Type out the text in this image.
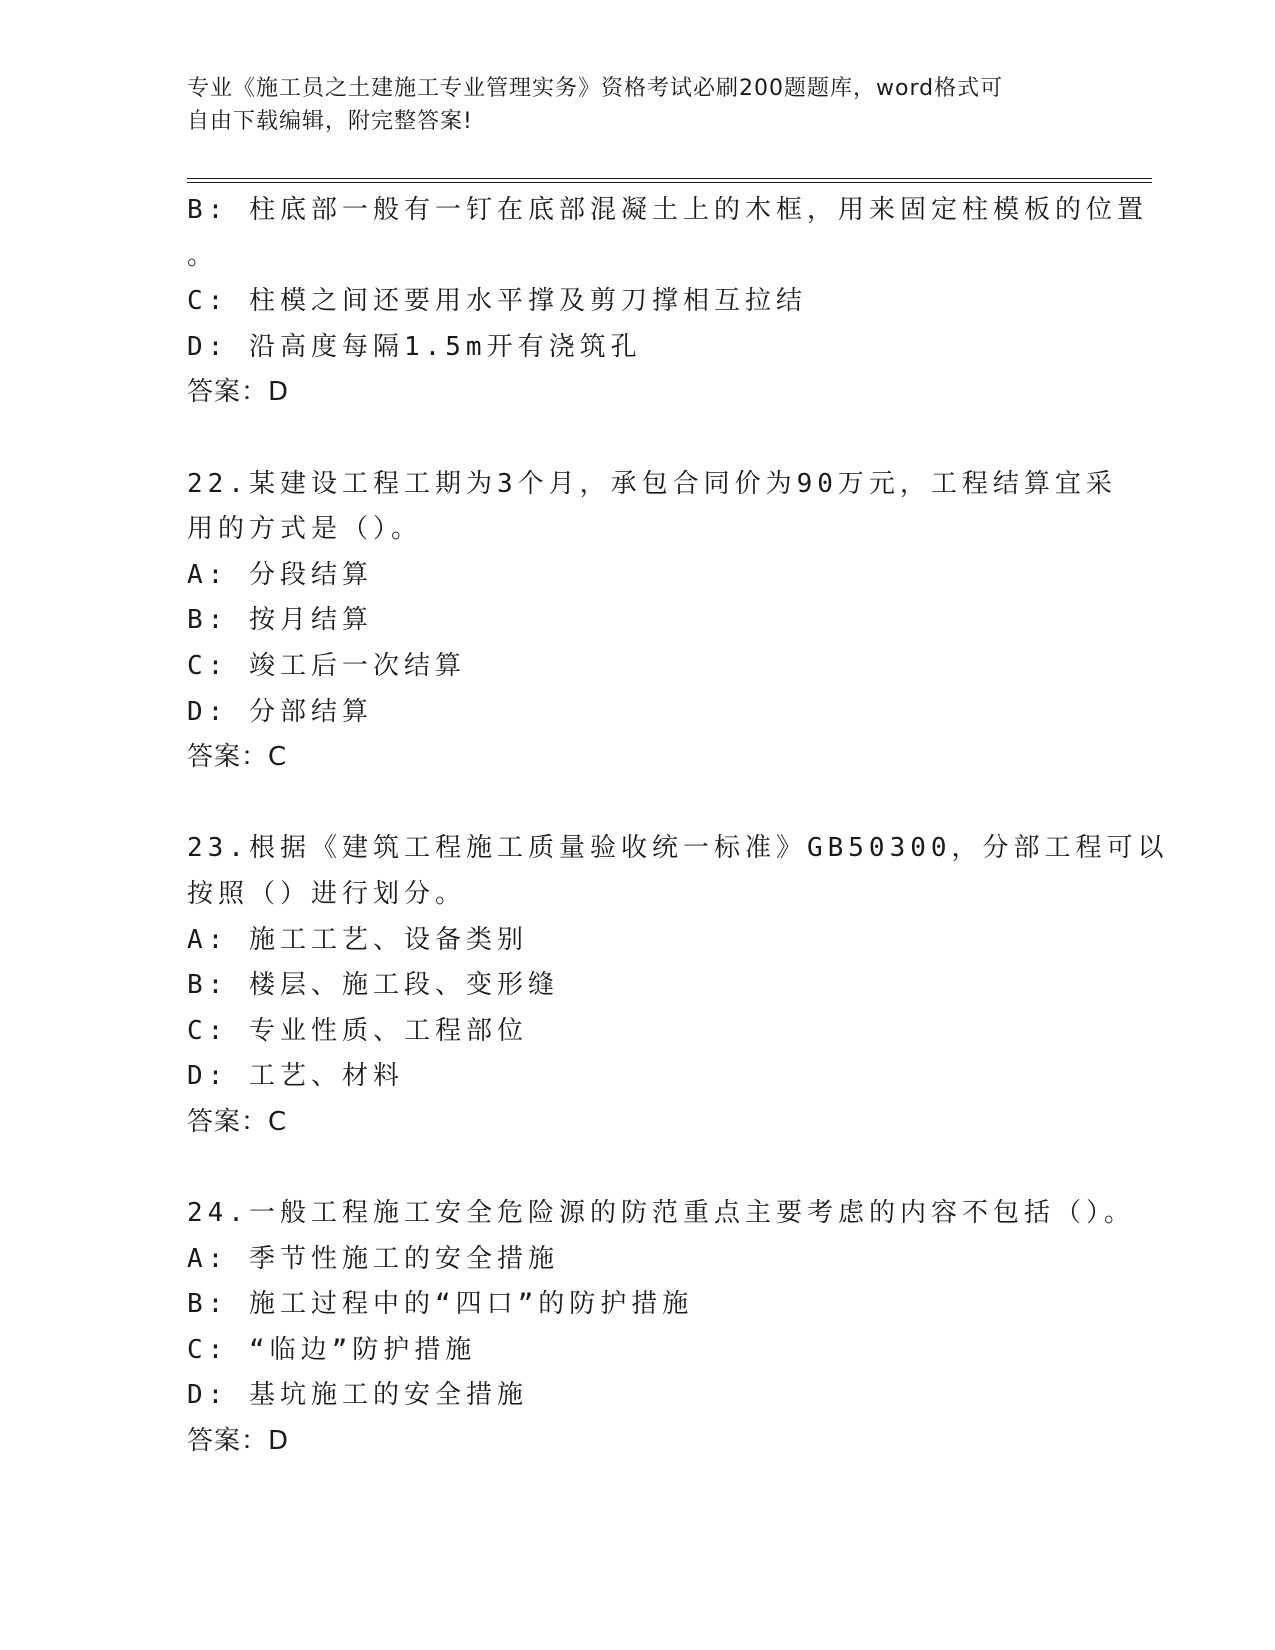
专业《施工员之土建施工专业管理实务》资格考试必刷200题题库，word格式可
自由下载编辑，附完整答案!
B: 柱底部一般有一钉在底部混凝土上的木框，用来固定柱模板的位置
。
C: 柱模之间还要用水平撑及剪刀撑相互拉结
D: 沿高度每隔1.5m开有浇筑孔
答案：D
22.某建设工程工期为3个月，承包合同价为90万元，工程结算宜采
用的方式是（）。
A: 分段结算
B: 按月结算
C: 竣工后一次结算
D: 分部结算
答案：C
23.根据《建筑工程施工质量验收统一标准》GB50300，分部工程可以
按照（）进行划分。
A: 施工工艺、设备类别
B: 楼层、施工段、变形缝
C: 专业性质、工程部位
D: 工艺、材料
答案：C
24.一般工程施工安全危险源的防范重点主要考虑的内容不包括（）。
A: 季节性施工的安全措施
B: 施工过程中的“四口”的防护措施
C: “临边”防护措施
D: 基坑施工的安全措施
答案：D
